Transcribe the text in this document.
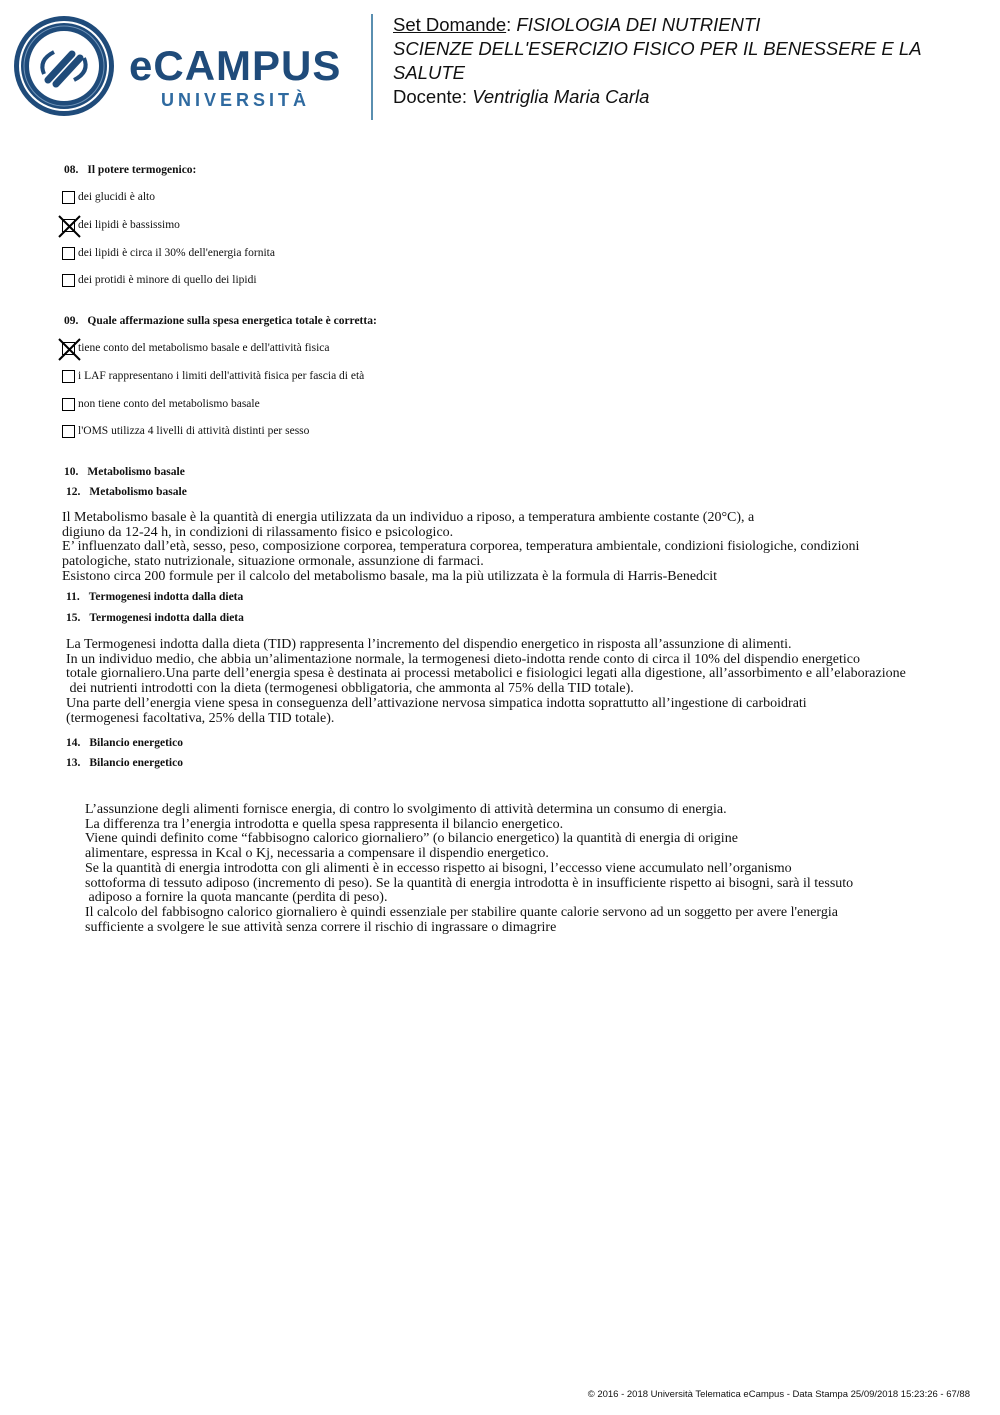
eCAMPUS
UNIVERSITÀ
Set Domande: FISIOLOGIA DEI NUTRIENTI
SCIENZE DELL'ESERCIZIO FISICO PER IL BENESSERE E LA
SALUTE
Docente: Ventriglia Maria Carla
08. Il potere termogenico:
dei glucidi è alto
dei lipidi è bassissimo
dei lipidi è circa il 30% dell'energia fornita
dei protidi è minore di quello dei lipidi
09. Quale affermazione sulla spesa energetica totale è corretta:
tiene conto del metabolismo basale e dell'attività fisica
i LAF rappresentano i limiti dell'attività fisica per fascia di età
non tiene conto del metabolismo basale
l'OMS utilizza 4 livelli di attività distinti per sesso
10. Metabolismo basale
12. Metabolismo basale
Il Metabolismo basale è la quantità di energia utilizzata da un individuo a riposo, a temperatura ambiente costante (20°C), a
digiuno da 12-24 h, in condizioni di rilassamento fisico e psicologico.
E’ influenzato dall’età, sesso, peso, composizione corporea, temperatura corporea, temperatura ambientale, condizioni fisiologiche, condizioni
patologiche, stato nutrizionale, situazione ormonale, assunzione di farmaci.
Esistono circa 200 formule per il calcolo del metabolismo basale, ma la più utilizzata è la formula di Harris-Benedcit
11. Termogenesi indotta dalla dieta
15. Termogenesi indotta dalla dieta
La Termogenesi indotta dalla dieta (TID) rappresenta l’incremento del dispendio energetico in risposta all’assunzione di alimenti.
In un individuo medio, che abbia un’alimentazione normale, la termogenesi dieto-indotta rende conto di circa il 10% del dispendio energetico
totale giornaliero.Una parte dell’energia spesa è destinata ai processi metabolici e fisiologici legati alla digestione, all’assorbimento e all’elaborazione
dei nutrienti introdotti con la dieta (termogenesi obbligatoria, che ammonta al 75% della TID totale).
Una parte dell’energia viene spesa in conseguenza dell’attivazione nervosa simpatica indotta soprattutto all’ingestione di carboidrati
(termogenesi facoltativa, 25% della TID totale).
14. Bilancio energetico
13. Bilancio energetico
L’assunzione degli alimenti fornisce energia, di contro lo svolgimento di attività determina un consumo di energia.
La differenza tra l’energia introdotta e quella spesa rappresenta il bilancio energetico.
Viene quindi definito come “fabbisogno calorico giornaliero” (o bilancio energetico) la quantità di energia di origine
alimentare, espressa in Kcal o Kj, necessaria a compensare il dispendio energetico.
Se la quantità di energia introdotta con gli alimenti è in eccesso rispetto ai bisogni, l’eccesso viene accumulato nell’organismo
sottoforma di tessuto adiposo (incremento di peso). Se la quantità di energia introdotta è in insufficiente rispetto ai bisogni, sarà il tessuto
adiposo a fornire la quota mancante (perdita di peso).
Il calcolo del fabbisogno calorico giornaliero è quindi essenziale per stabilire quante calorie servono ad un soggetto per avere l'energia
sufficiente a svolgere le sue attività senza correre il rischio di ingrassare o dimagrire
© 2016 - 2018 Università Telematica eCampus - Data Stampa 25/09/2018 15:23:26 - 67/88
